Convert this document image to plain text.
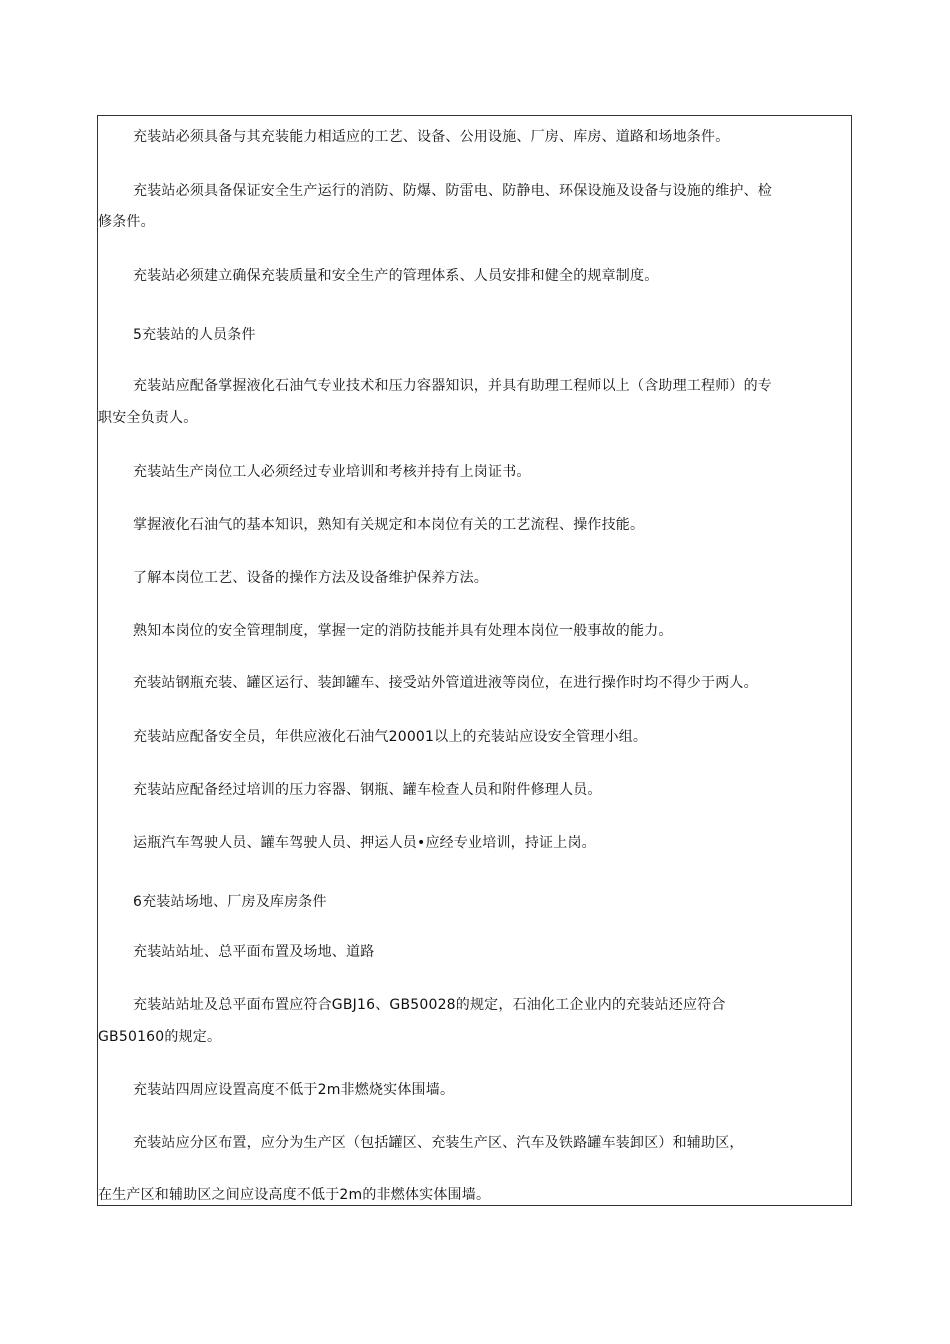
充装站必须具备与其充装能力相适应的工艺、设备、公用设施、厂房、库房、道路和场地条件。
充装站必须具备保证安全生产运行的消防、防爆、防雷电、防静电、环保设施及设备与设施的维护、检
修条件。
充装站必须建立确保充装质量和安全生产的管理体系、人员安排和健全的规章制度。
5充装站的人员条件
充装站应配备掌握液化石油气专业技术和压力容器知识，并具有助理工程师以上（含助理工程师）的专
职安全负责人。
充装站生产岗位工人必须经过专业培训和考核并持有上岗证书。
掌握液化石油气的基本知识，熟知有关规定和本岗位有关的工艺流程、操作技能。
了解本岗位工艺、设备的操作方法及设备维护保养方法。
熟知本岗位的安全管理制度，掌握一定的消防技能并具有处理本岗位一般事故的能力。
充装站钢瓶充装、罐区运行、装卸罐车、接受站外管道进液等岗位，在进行操作时均不得少于两人。
充装站应配备安全员，年供应液化石油气20001以上的充装站应设安全管理小组。
充装站应配备经过培训的压力容器、钢瓶、罐车检查人员和附件修理人员。
运瓶汽车驾驶人员、罐车驾驶人员、押运人员•应经专业培训，持证上岗。
6充装站场地、厂房及库房条件
充装站站址、总平面布置及场地、道路
充装站站址及总平面布置应符合GBJ16、GB50028的规定，石油化工企业内的充装站还应符合
GB50160的规定。
充装站四周应设置高度不低于2m非燃烧实体围墙。
充装站应分区布置，应分为生产区（包括罐区、充装生产区、汽车及铁路罐车装卸区）和辅助区，
在生产区和辅助区之间应设高度不低于2m的非燃体实体围墙。
